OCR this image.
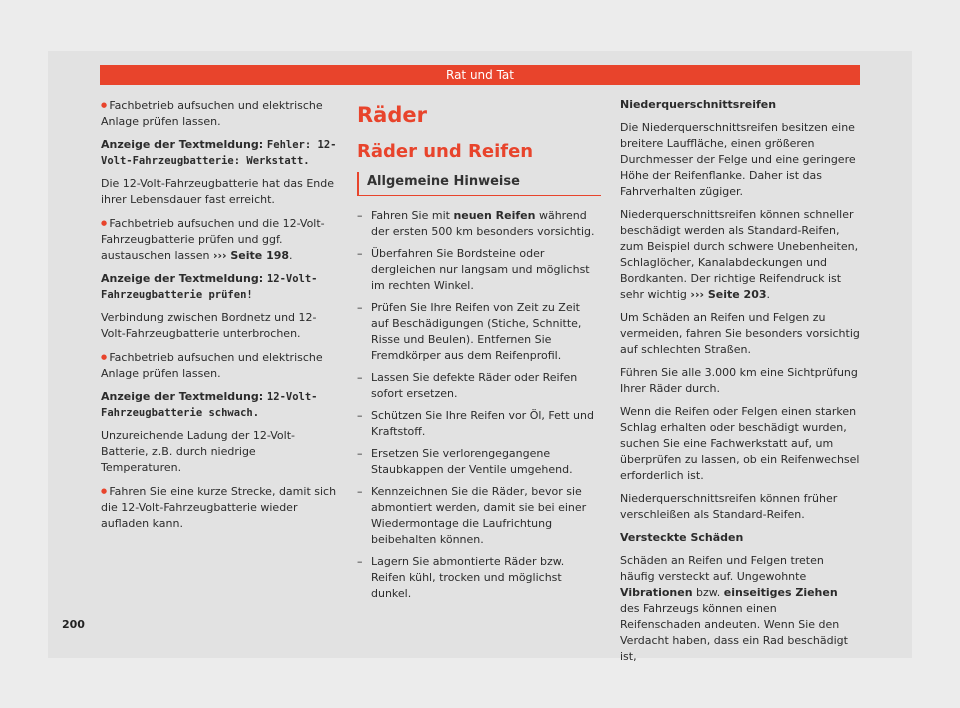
Rat und Tat

● Fachbetrieb aufsuchen und elektrische Anlage prüfen lassen.

Anzeige der Textmeldung: Fehler: 12-Volt-Fahrzeugbatterie: Werkstatt.

Die 12-Volt-Fahrzeugbatterie hat das Ende ihrer Lebensdauer fast erreicht.

● Fachbetrieb aufsuchen und die 12-Volt-Fahrzeugbatterie prüfen und ggf. austauschen lassen ››› Seite 198.

Anzeige der Textmeldung: 12-Volt-Fahrzeugbatterie prüfen!

Verbindung zwischen Bordnetz und 12-Volt-Fahrzeugbatterie unterbrochen.

● Fachbetrieb aufsuchen und elektrische Anlage prüfen lassen.

Anzeige der Textmeldung: 12-Volt-Fahrzeugbatterie schwach.

Unzureichende Ladung der 12-Volt-Batterie, z.B. durch niedrige Temperaturen.

● Fahren Sie eine kurze Strecke, damit sich die 12-Volt-Fahrzeugbatterie wieder aufladen kann.

Räder
Räder und Reifen
Allgemeine Hinweise
– Fahren Sie mit neuen Reifen während der ersten 500 km besonders vorsichtig.
– Überfahren Sie Bordsteine oder dergleichen nur langsam und möglichst im rechten Winkel.
– Prüfen Sie Ihre Reifen von Zeit zu Zeit auf Beschädigungen (Stiche, Schnitte, Risse und Beulen). Entfernen Sie Fremdkörper aus dem Reifenprofil.
– Lassen Sie defekte Räder oder Reifen sofort ersetzen.
– Schützen Sie Ihre Reifen vor Öl, Fett und Kraftstoff.
– Ersetzen Sie verlorengegangene Staubkappen der Ventile umgehend.
– Kennzeichnen Sie die Räder, bevor sie abmontiert werden, damit sie bei einer Wiedermontage die Laufrichtung beibehalten können.
– Lagern Sie abmontierte Räder bzw. Reifen kühl, trocken und möglichst dunkel.

Niederquerschnittsreifen

Die Niederquerschnittsreifen besitzen eine breitere Lauffläche, einen größeren Durchmesser der Felge und eine geringere Höhe der Reifenflanke. Daher ist das Fahrverhalten zügiger.

Niederquerschnittsreifen können schneller beschädigt werden als Standard-Reifen, zum Beispiel durch schwere Unebenheiten, Schlaglöcher, Kanalabdeckungen und Bordkanten. Der richtige Reifendruck ist sehr wichtig ››› Seite 203.

Um Schäden an Reifen und Felgen zu vermeiden, fahren Sie besonders vorsichtig auf schlechten Straßen.

Führen Sie alle 3.000 km eine Sichtprüfung Ihrer Räder durch.

Wenn die Reifen oder Felgen einen starken Schlag erhalten oder beschädigt wurden, suchen Sie eine Fachwerkstatt auf, um überprüfen zu lassen, ob ein Reifenwechsel erforderlich ist.

Niederquerschnittsreifen können früher verschleißen als Standard-Reifen.

Versteckte Schäden

Schäden an Reifen und Felgen treten häufig versteckt auf. Ungewohnte Vibrationen bzw. einseitiges Ziehen des Fahrzeugs können einen Reifenschaden andeuten. Wenn Sie den Verdacht haben, dass ein Rad beschädigt ist,

200
